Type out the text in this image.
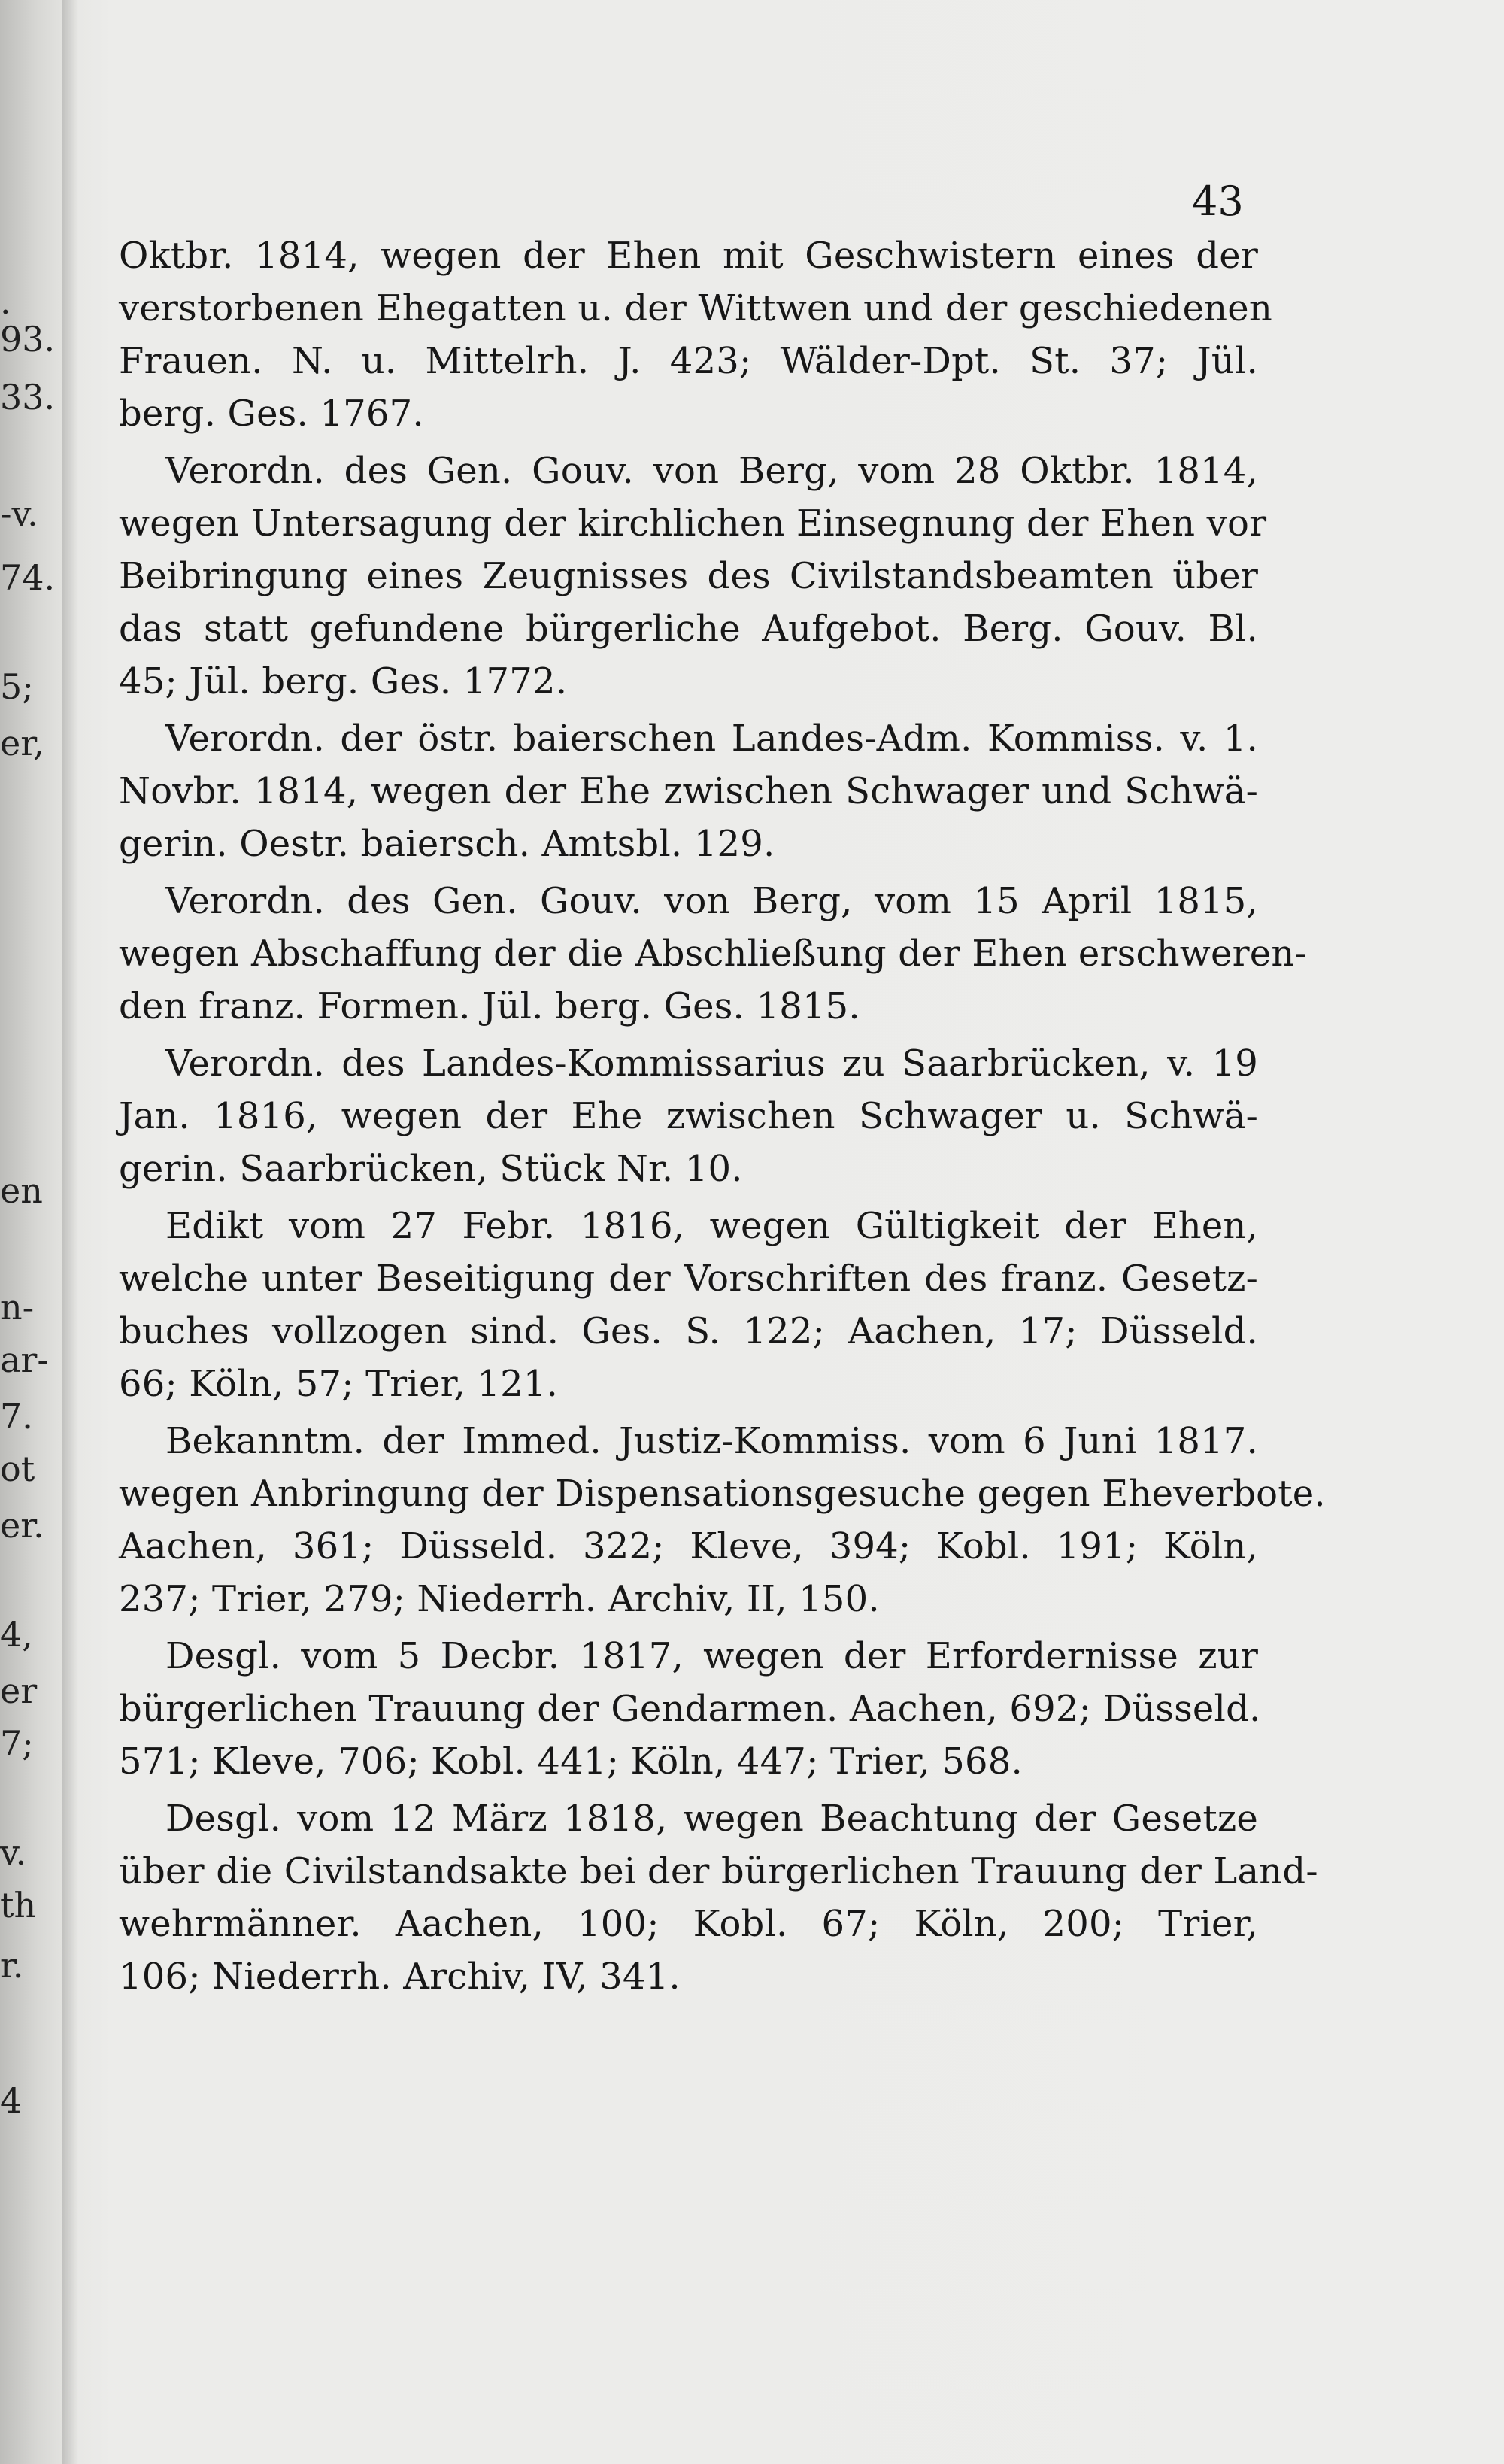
.
93.
33.
-v.
74.
5;
er,
en
n-
ar-
7.
ot
er.
4,
er
7;
v.
th
r.
4
43
Oktbr. 1814, wegen der Ehen mit Geschwistern eines der
verstorbenen Ehegatten u. der Wittwen und der geschiedenen
Frauen. N. u. Mittelrh. J. 423; Wälder-Dpt. St. 37; Jül.
berg. Ges. 1767.
Verordn. des Gen. Gouv. von Berg, vom 28 Oktbr. 1814,
wegen Untersagung der kirchlichen Einsegnung der Ehen vor
Beibringung eines Zeugnisses des Civilstandsbeamten über
das statt gefundene bürgerliche Aufgebot. Berg. Gouv. Bl.
45; Jül. berg. Ges. 1772.
Verordn. der östr. baierschen Landes-Adm. Kommiss. v. 1.
Novbr. 1814, wegen der Ehe zwischen Schwager und Schwä-
gerin. Oestr. baiersch. Amtsbl. 129.
Verordn. des Gen. Gouv. von Berg, vom 15 April 1815,
wegen Abschaffung der die Abschließung der Ehen erschweren-
den franz. Formen. Jül. berg. Ges. 1815.
Verordn. des Landes-Kommissarius zu Saarbrücken, v. 19
Jan. 1816, wegen der Ehe zwischen Schwager u. Schwä-
gerin. Saarbrücken, Stück Nr. 10.
Edikt vom 27 Febr. 1816, wegen Gültigkeit der Ehen,
welche unter Beseitigung der Vorschriften des franz. Gesetz-
buches vollzogen sind. Ges. S. 122; Aachen, 17; Düsseld.
66; Köln, 57; Trier, 121.
Bekanntm. der Immed. Justiz-Kommiss. vom 6 Juni 1817.
wegen Anbringung der Dispensationsgesuche gegen Eheverbote.
Aachen, 361; Düsseld. 322; Kleve, 394; Kobl. 191; Köln,
237; Trier, 279; Niederrh. Archiv, II, 150.
Desgl. vom 5 Decbr. 1817, wegen der Erfordernisse zur
bürgerlichen Trauung der Gendarmen. Aachen, 692; Düsseld.
571; Kleve, 706; Kobl. 441; Köln, 447; Trier, 568.
Desgl. vom 12 März 1818, wegen Beachtung der Gesetze
über die Civilstandsakte bei der bürgerlichen Trauung der Land-
wehrmänner. Aachen, 100; Kobl. 67; Köln, 200; Trier,
106; Niederrh. Archiv, IV, 341.
